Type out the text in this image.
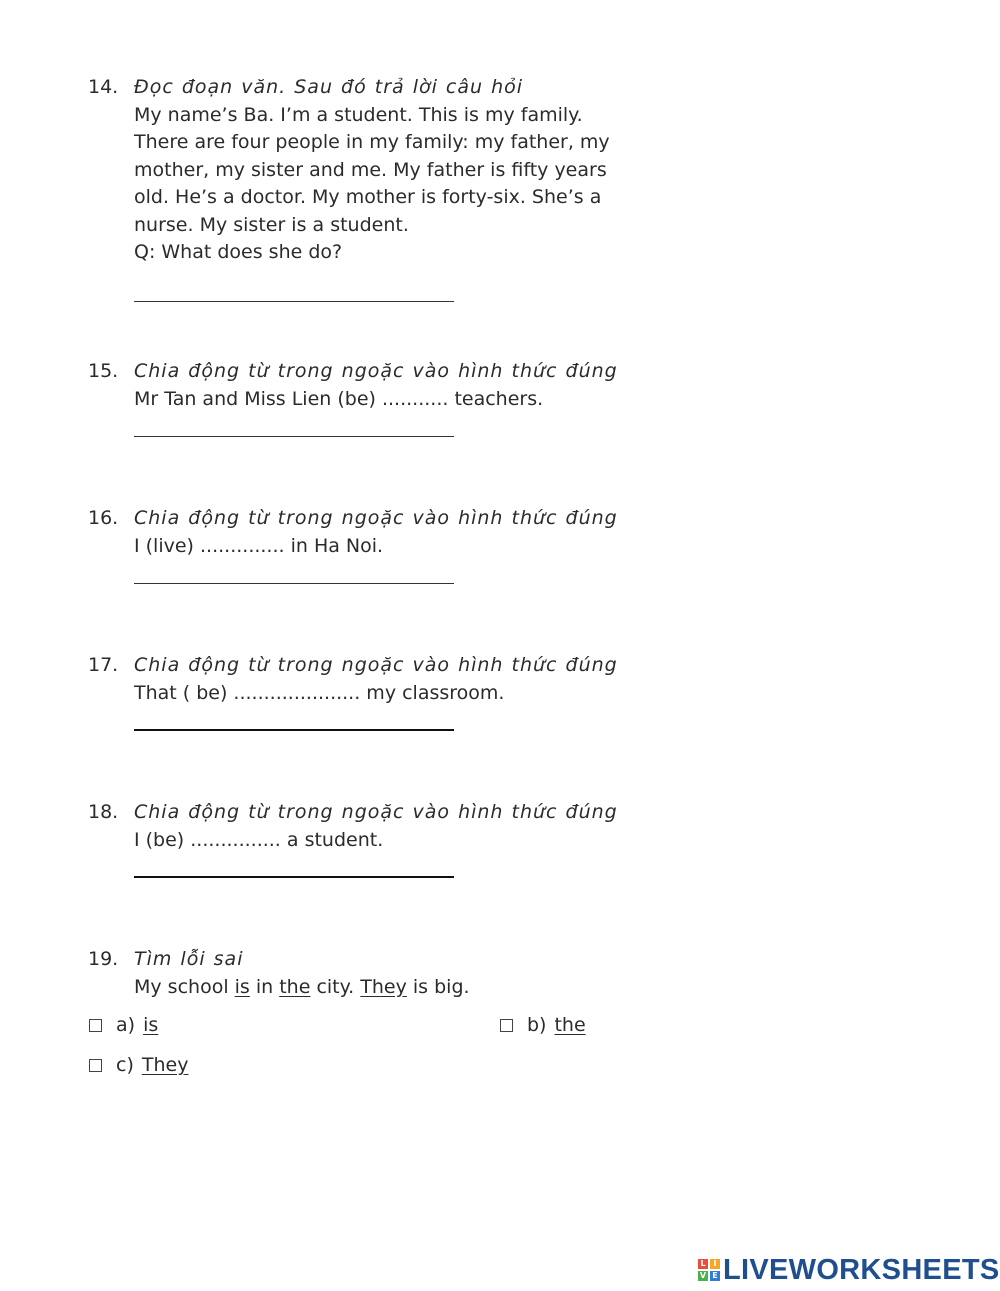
14. Đọc đoạn văn. Sau đó trả lời câu hỏi
My name’s Ba. I’m a student. This is my family.
There are four people in my family: my father, my
mother, my sister and me. My father is fifty years
old. He’s a doctor. My mother is forty-six. She’s a
nurse. My sister is a student.
Q: What does she do?
15. Chia động từ trong ngoặc vào hình thức đúng
Mr Tan and Miss Lien (be) ........... teachers.
16. Chia động từ trong ngoặc vào hình thức đúng
I (live) .............. in Ha Noi.
17. Chia động từ trong ngoặc vào hình thức đúng
That ( be) ..................... my classroom.
18. Chia động từ trong ngoặc vào hình thức đúng
I (be) ............... a student.
19. Tìm lỗi sai
My school is in the city. They is big.
a) is	b) the
c) They
L I
V E LIVEWORKSHEETS
